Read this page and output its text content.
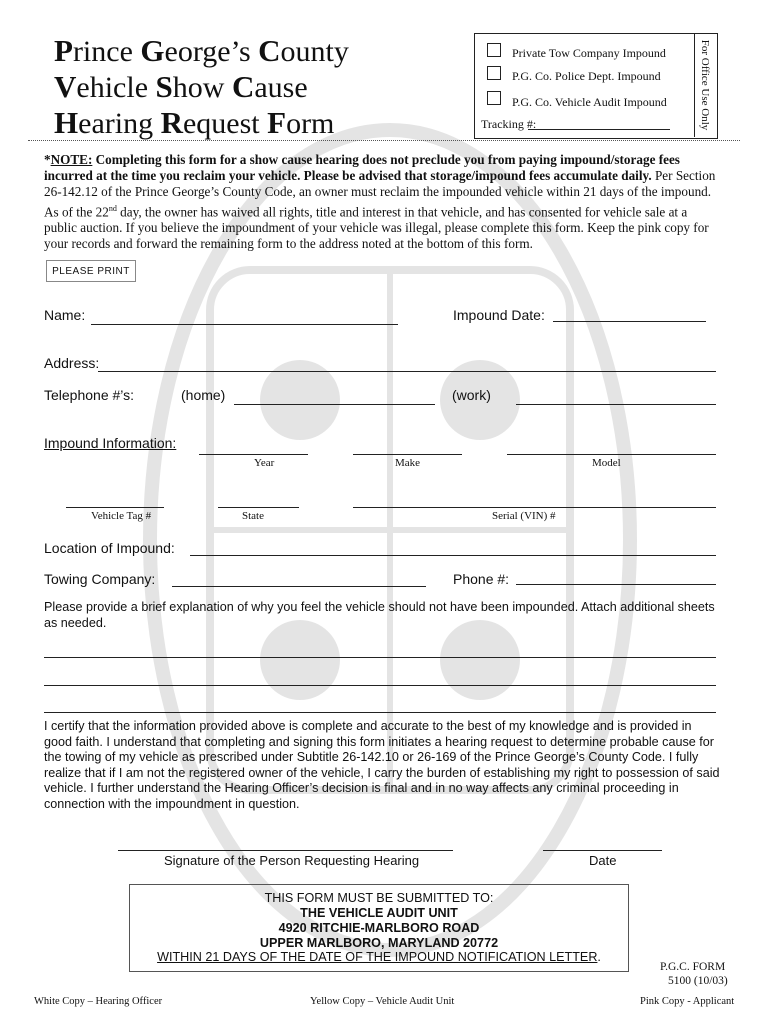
Prince George’s County
Vehicle Show Cause
Hearing Request Form	For Office Use Only
Private Tow Company Impound
P.G. Co. Police Dept. Impound
P.G. Co. Vehicle Audit Impound
Tracking #:
*NOTE: Completing this form for a show cause hearing does not preclude you from paying impound/storage fees incurred at the time you reclaim your vehicle. Please be advised that storage/impound fees accumulate daily. Per Section 26-142.12 of the Prince George’s County Code, an owner must reclaim the impounded vehicle within 21 days of the impound. As of the 22nd day, the owner has waived all rights, title and interest in that vehicle, and has consented for vehicle sale at a public auction. If you believe the impoundment of your vehicle was illegal, please complete this form. Keep the pink copy for your records and forward the remaining form to the address noted at the bottom of this form.
PLEASE PRINT
Name:	Impound Date:
Address:
Telephone #’s:	(home)	(work)
Impound Information:
Year	Make	Model
Vehicle Tag #	State	Serial (VIN) #
Location of Impound:
Towing Company:	Phone #:
Please provide a brief explanation of why you feel the vehicle should not have been impounded. Attach additional sheets as needed.
I certify that the information provided above is complete and accurate to the best of my knowledge and is provided in good faith. I understand that completing and signing this form initiates a hearing request to determine probable cause for the towing of my vehicle as prescribed under Subtitle 26-142.10 or 26-169 of the Prince George’s County Code. I fully realize that if I am not the registered owner of the vehicle, I carry the burden of establishing my right to possession of said vehicle. I further understand the Hearing Officer’s decision is final and in no way affects any criminal proceeding in connection with the impoundment in question.
Signature of the Person Requesting Hearing	Date
THIS FORM MUST BE SUBMITTED TO:
THE VEHICLE AUDIT UNIT
4920 RITCHIE-MARLBORO ROAD
UPPER MARLBORO, MARYLAND 20772
WITHIN 21 DAYS OF THE DATE OF THE IMPOUND NOTIFICATION LETTER.
P.G.C. FORM
5100 (10/03)
White Copy – Hearing Officer	Yellow Copy – Vehicle Audit Unit	Pink Copy - Applicant
